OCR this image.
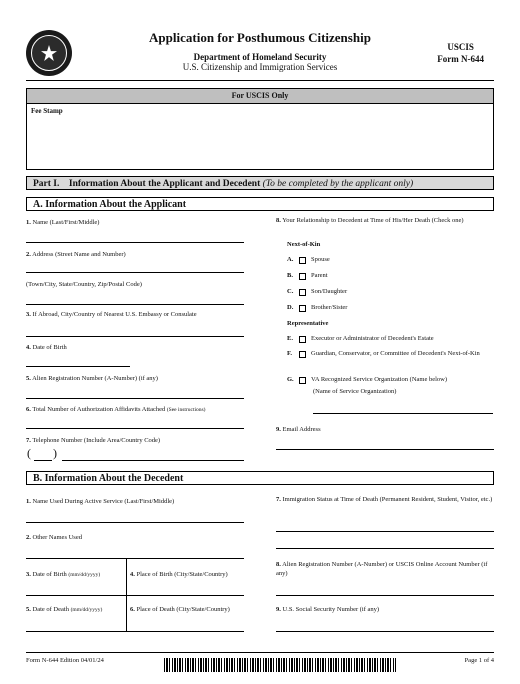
Application for Posthumous Citizenship
Department of Homeland Security
U.S. Citizenship and Immigration Services
USCIS
Form N-644
For USCIS Only
Fee Stamp
Part I. Information About the Applicant and Decedent (To be completed by the applicant only)
A. Information About the Applicant
1. Name (Last/First/Middle)
2. Address (Street Name and Number)
(Town/City, State/Country, Zip/Postal Code)
3. If Abroad, City/Country of Nearest U.S. Embassy or Consulate
4. Date of Birth
5. Alien Registration Number (A-Number) (if any)
6. Total Number of Authorization Affidavits Attached (See instructions)
7. Telephone Number (Include Area/Country Code)
( )
8. Your Relationship to Decedent at Time of His/Her Death (Check one)
Next-of-Kin
A.	Spouse
B.	Parent
C.	Son/Daughter
D.	Brother/Sister
Representative
E.	Executor or Administrator of Decedent's Estate
F.	Guardian, Conservator, or Committee of Decedent's Next-of-Kin
G.	VA Recognized Service Organization (Name below)
(Name of Service Organization)
9. Email Address
B. Information About the Decedent
1. Name Used During Active Service (Last/First/Middle)
2. Other Names Used
3. Date of Birth (mm/dd/yyyy)	4. Place of Birth (City/State/Country)
5. Date of Death (mm/dd/yyyy)	6. Place of Death (City/State/Country)
7. Immigration Status at Time of Death (Permanent Resident, Student, Visitor, etc.)
8. Alien Registration Number (A-Number) or USCIS Online Account Number (if any)
9. U.S. Social Security Number (if any)
Form N-644 Edition 04/01/24	Page 1 of 4
